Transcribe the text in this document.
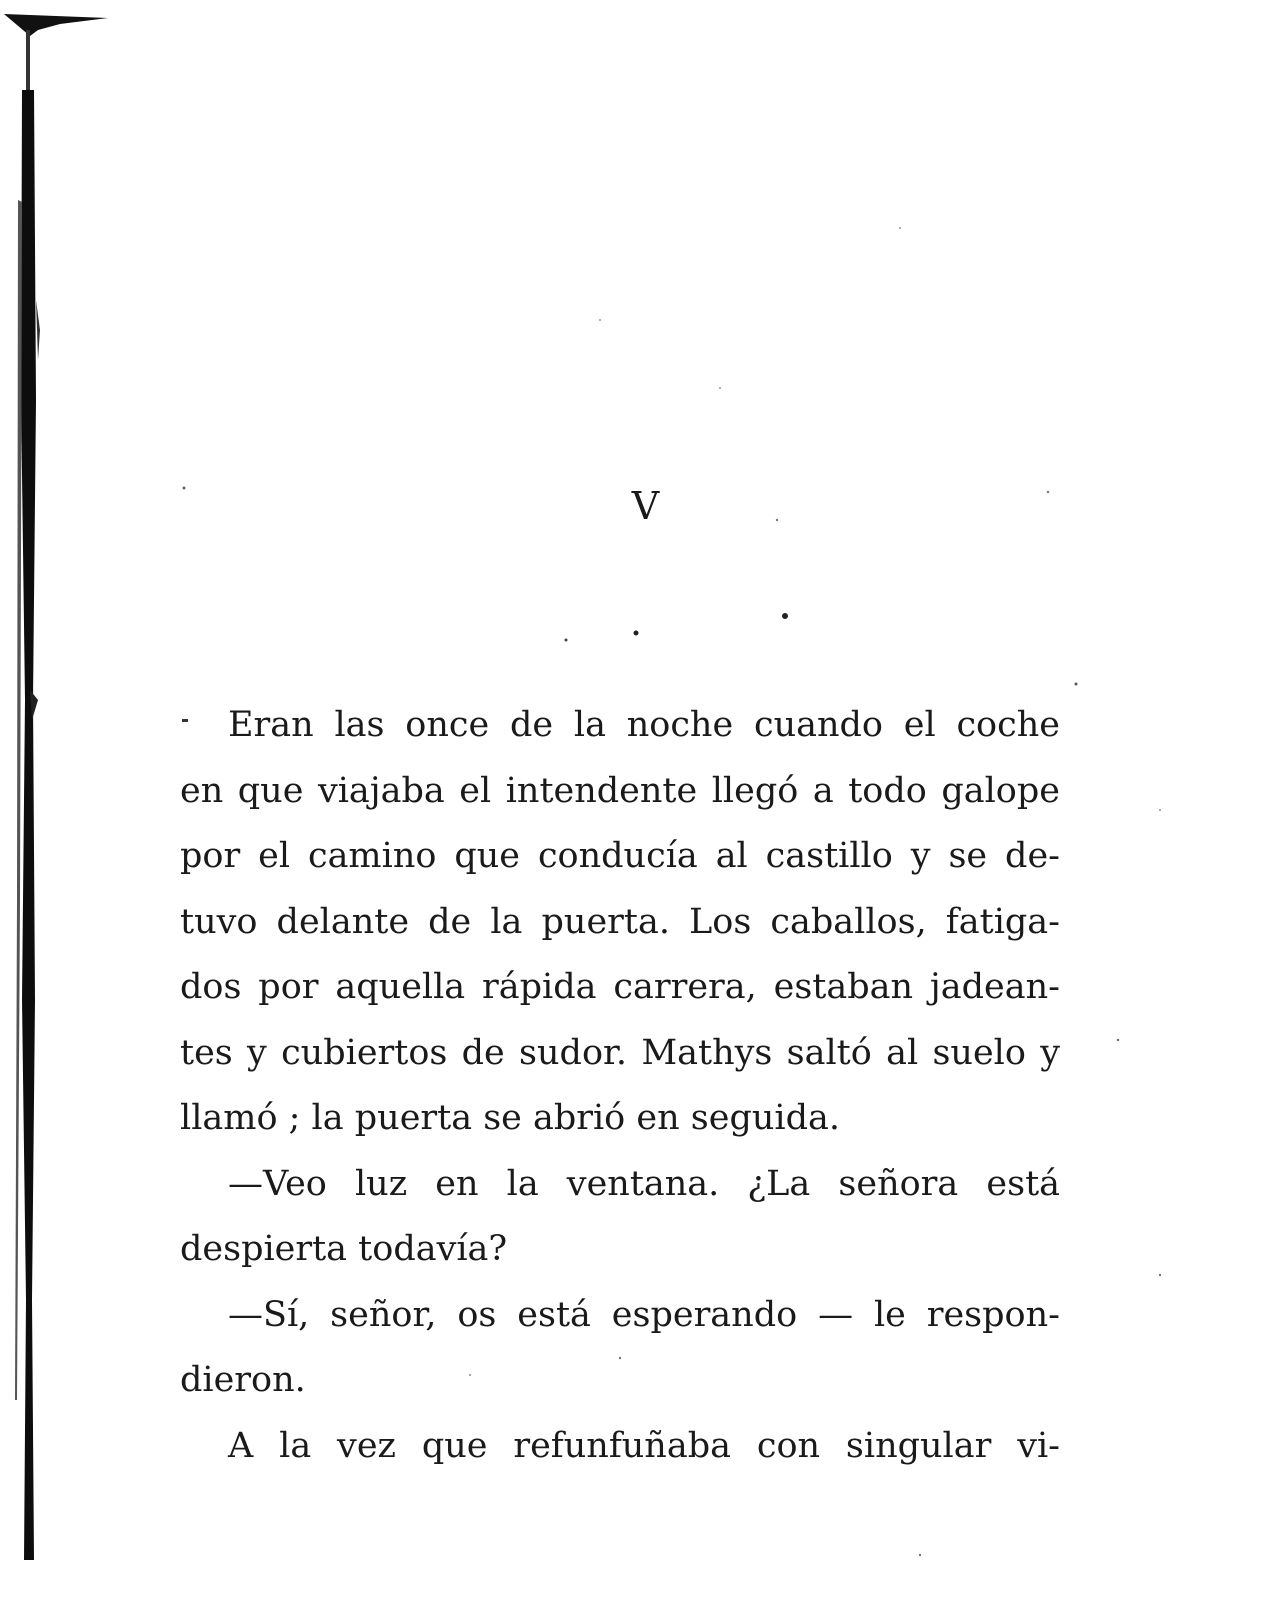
V
Eran las once de la noche cuando el coche
en que viajaba el intendente llegó a todo galope
por el camino que conducía al castillo y se de-
tuvo delante de la puerta. Los caballos, fatiga-
dos por aquella rápida carrera, estaban jadean-
tes y cubiertos de sudor. Mathys saltó al suelo y
llamó ; la puerta se abrió en seguida.
—Veo luz en la ventana. ¿La señora está
despierta todavía?
—Sí, señor, os está esperando — le respon-
dieron.
A la vez que refunfuñaba con singular vi-
